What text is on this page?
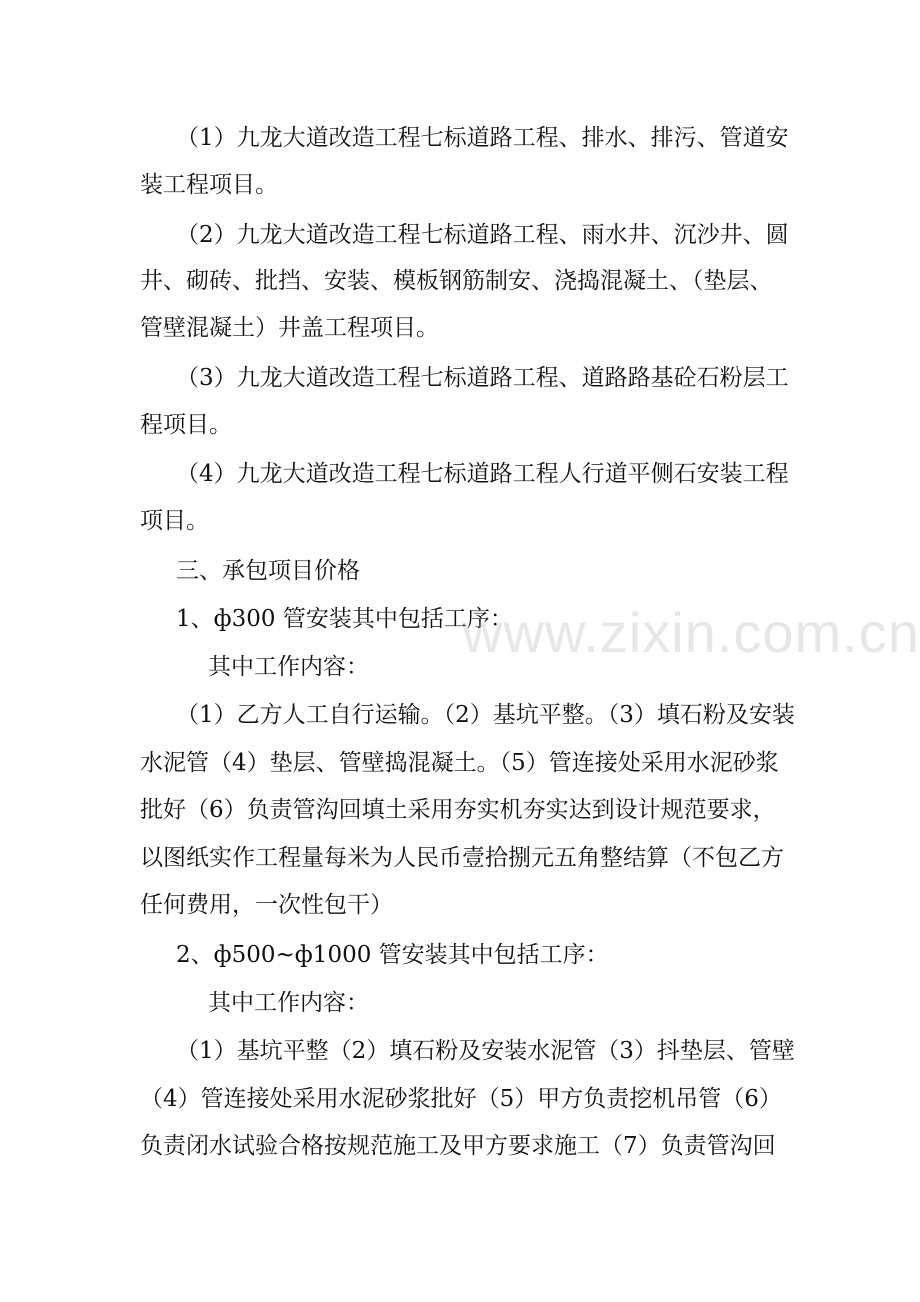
（1）九龙大道改造工程七标道路工程、排水、排污、管道安
装工程项目。
（2）九龙大道改造工程七标道路工程、雨水井、沉沙井、圆
井、砌砖、批挡、安装、模板钢筋制安、浇捣混凝土、（垫层、
管壁混凝土）井盖工程项目。
（3）九龙大道改造工程七标道路工程、道路路基砼石粉层工
程项目。
（4）九龙大道改造工程七标道路工程人行道平侧石安装工程
项目。
三、承包项目价格
1、ф300 管安装其中包括工序：
其中工作内容：
（1）乙方人工自行运输。（2）基坑平整。（3）填石粉及安装
水泥管（4）垫层、管壁捣混凝土。（5）管连接处采用水泥砂浆
批好（6）负责管沟回填土采用夯实机夯实达到设计规范要求，
以图纸实作工程量每米为人民币壹拾捌元五角整结算（不包乙方
任何费用，一次性包干）
2、ф500~ф1000 管安装其中包括工序：
其中工作内容：
（1）基坑平整（2）填石粉及安装水泥管（3）抖垫层、管壁
（4）管连接处采用水泥砂浆批好（5）甲方负责挖机吊管（6）
负责闭水试验合格按规范施工及甲方要求施工（7）负责管沟回
www.zixin.com.cn
